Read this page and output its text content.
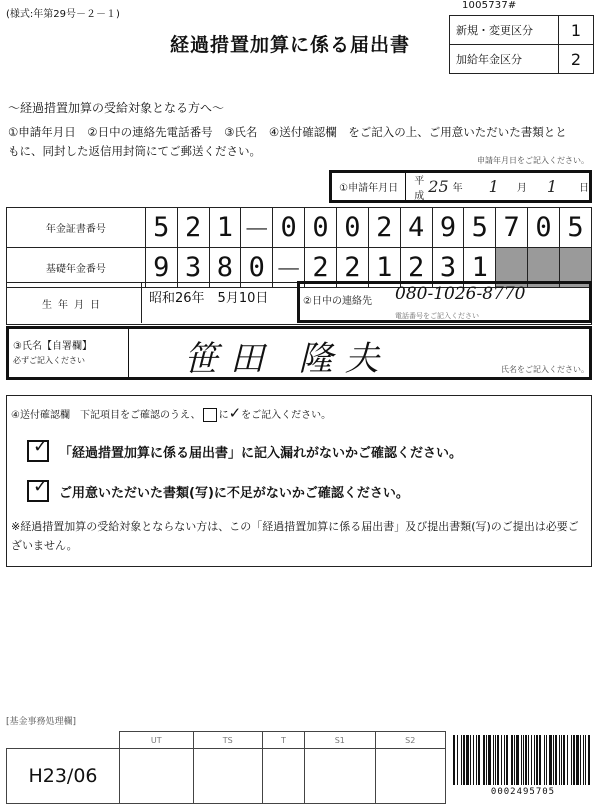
(様式:年第29号－２－１)
1005737#
経過措置加算に係る届出書
新規・変更区分	1
加給年金区分	2
～経過措置加算の受給対象となる方へ～
①申請年月日　②日中の連絡先電話番号　③氏名　④送付確認欄　をご記入の上、ご用意いただいた書類とともに、同封した返信用封筒にてご郵送ください。
申請年月日をご記入ください。
①申請年月日
平成 25 年 1 月 1 日
年金証書番号	5	2	1	－	0	0	0	2	4	9	5	7	0	5
基礎年金番号	9	3	8	0	－	2	2	1	2	3	1			
生年月日	昭和26年　5月10日	②日中の連絡先 080-1026-8770
電話番号をご記入ください
③氏名【自署欄】
必ずご記入ください	笹田 隆夫	氏名をご記入ください。
④送付確認欄　下記項目をご確認のうえ、 に✓をご記入ください。
✓ 「経過措置加算に係る届出書」に記入漏れがないかご確認ください。
✓ ご用意いただいた書類(写)に不足がないかご確認ください。
※経過措置加算の受給対象とならない方は、この「経過措置加算に係る届出書」及び提出書類(写)のご提出は必要ございません。
[基金事務処理欄]
	UT	TS	T	S1	S2
H23/06					
0002495705
